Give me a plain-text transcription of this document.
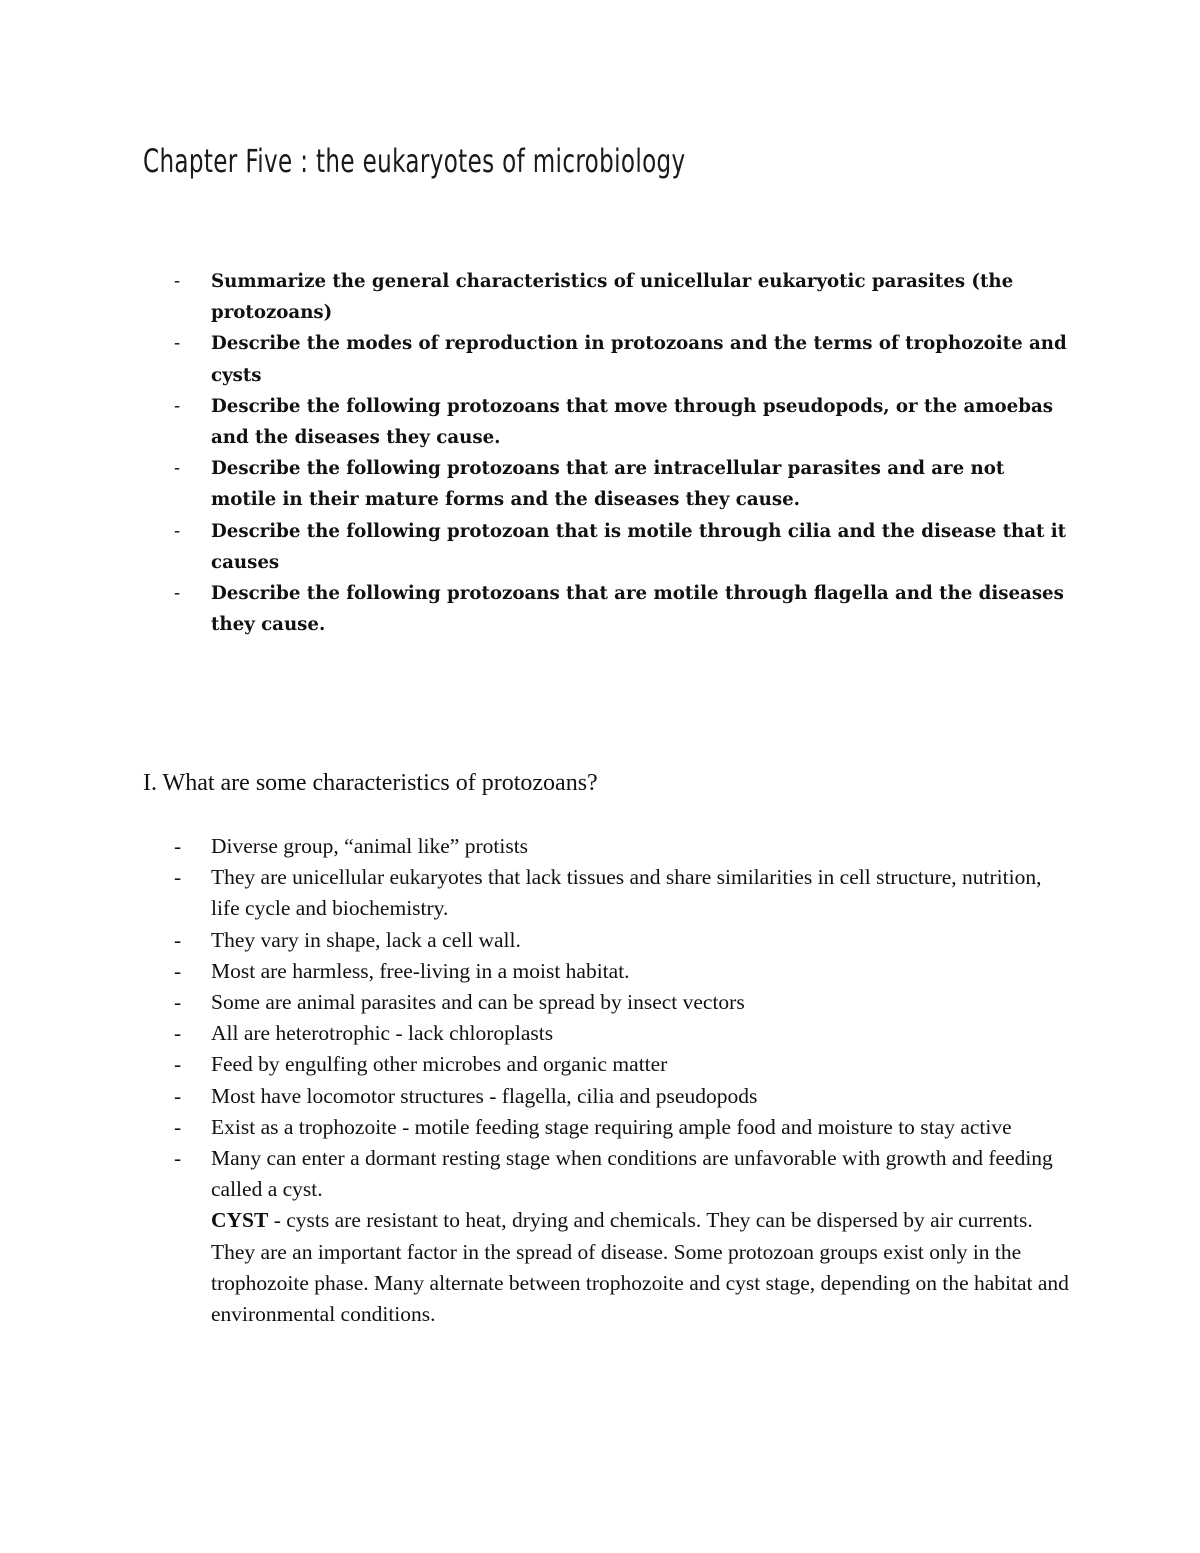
Chapter Five : the eukaryotes of microbiology
- Summarize the general characteristics of unicellular eukaryotic parasites (the protozoans)
- Describe the modes of reproduction in protozoans and the terms of trophozoite and cysts
- Describe the following protozoans that move through pseudopods, or the amoebas and the diseases they cause.
- Describe the following protozoans that are intracellular parasites and are not motile in their mature forms and the diseases they cause.
- Describe the following protozoan that is motile through cilia and the disease that it causes
- Describe the following protozoans that are motile through flagella and the diseases they cause.
I. What are some characteristics of protozoans?
- Diverse group, “animal like” protists
- They are unicellular eukaryotes that lack tissues and share similarities in cell structure, nutrition, life cycle and biochemistry.
- They vary in shape, lack a cell wall.
- Most are harmless, free-living in a moist habitat.
- Some are animal parasites and can be spread by insect vectors
- All are heterotrophic - lack chloroplasts
- Feed by engulfing other microbes and organic matter
- Most have locomotor structures - flagella, cilia and pseudopods
- Exist as a trophozoite - motile feeding stage requiring ample food and moisture to stay active
- Many can enter a dormant resting stage when conditions are unfavorable with growth and feeding called a cyst.
CYST - cysts are resistant to heat, drying and chemicals. They can be dispersed by air currents. They are an important factor in the spread of disease. Some protozoan groups exist only in the trophozoite phase. Many alternate between trophozoite and cyst stage, depending on the habitat and environmental conditions.
